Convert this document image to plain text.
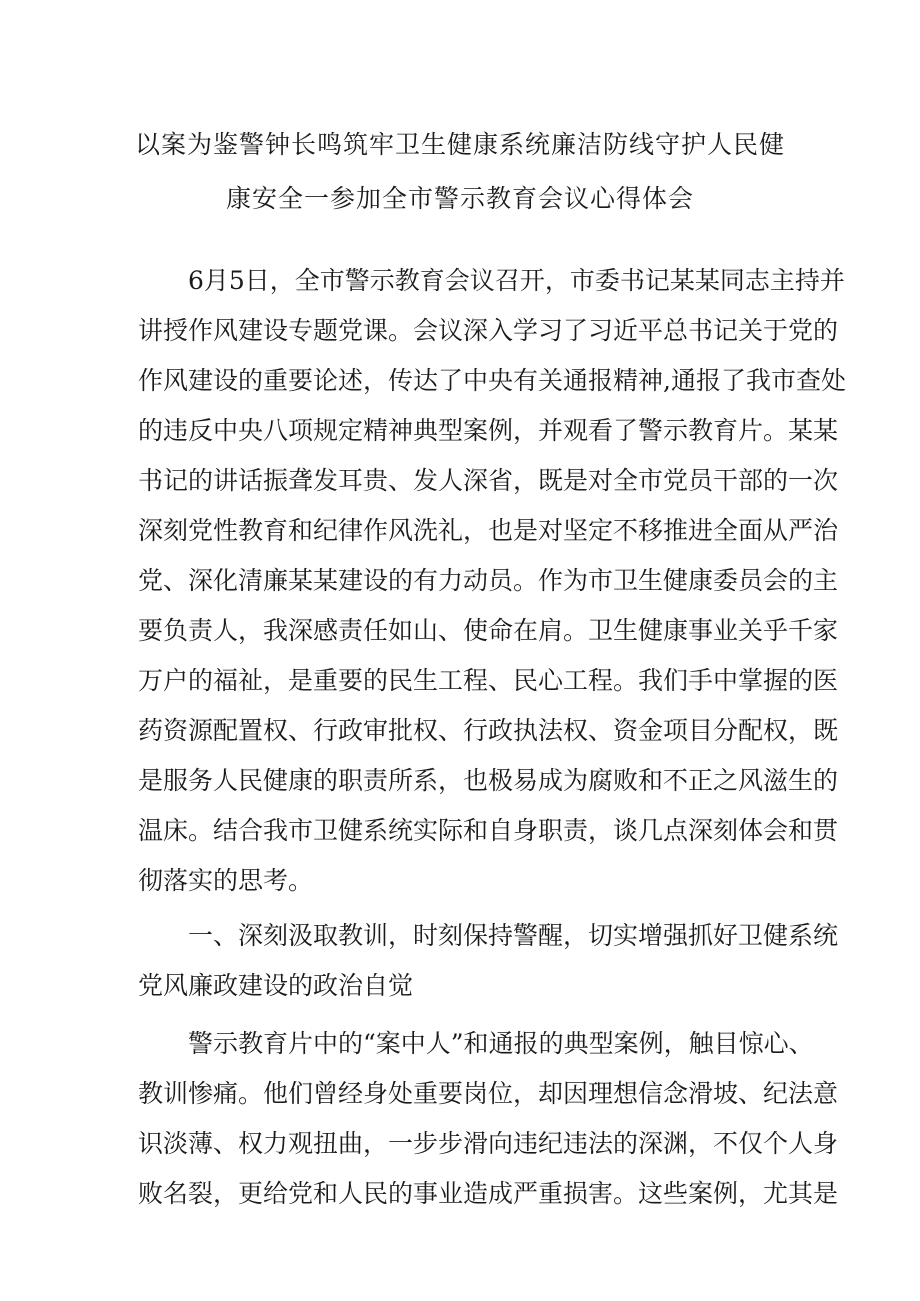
以案为鉴警钟长鸣筑牢卫生健康系统廉洁防线守护人民健
康安全一参加全市警示教育会议心得体会
6月5日，全市警示教育会议召开，市委书记某某同志主持并
讲授作风建设专题党课。会议深入学习了习近平总书记关于党的
作风建设的重要论述，传达了中央有关通报精神,通报了我市查处
的违反中央八项规定精神典型案例，并观看了警示教育片。某某
书记的讲话振聋发耳贵、发人深省，既是对全市党员干部的一次
深刻党性教育和纪律作风洗礼，也是对坚定不移推进全面从严治
党、深化清廉某某建设的有力动员。作为市卫生健康委员会的主
要负责人，我深感责任如山、使命在肩。卫生健康事业关乎千家
万户的福祉，是重要的民生工程、民心工程。我们手中掌握的医
药资源配置权、行政审批权、行政执法权、资金项目分配权，既
是服务人民健康的职责所系，也极易成为腐败和不正之风滋生的
温床。结合我市卫健系统实际和自身职责，谈几点深刻体会和贯
彻落实的思考。
一、深刻汲取教训，时刻保持警醒，切实增强抓好卫健系统
党风廉政建设的政治自觉
警示教育片中的“案中人”和通报的典型案例，触目惊心、
教训惨痛。他们曾经身处重要岗位，却因理想信念滑坡、纪法意
识淡薄、权力观扭曲，一步步滑向违纪违法的深渊，不仅个人身
败名裂，更给党和人民的事业造成严重损害。这些案例，尤其是
